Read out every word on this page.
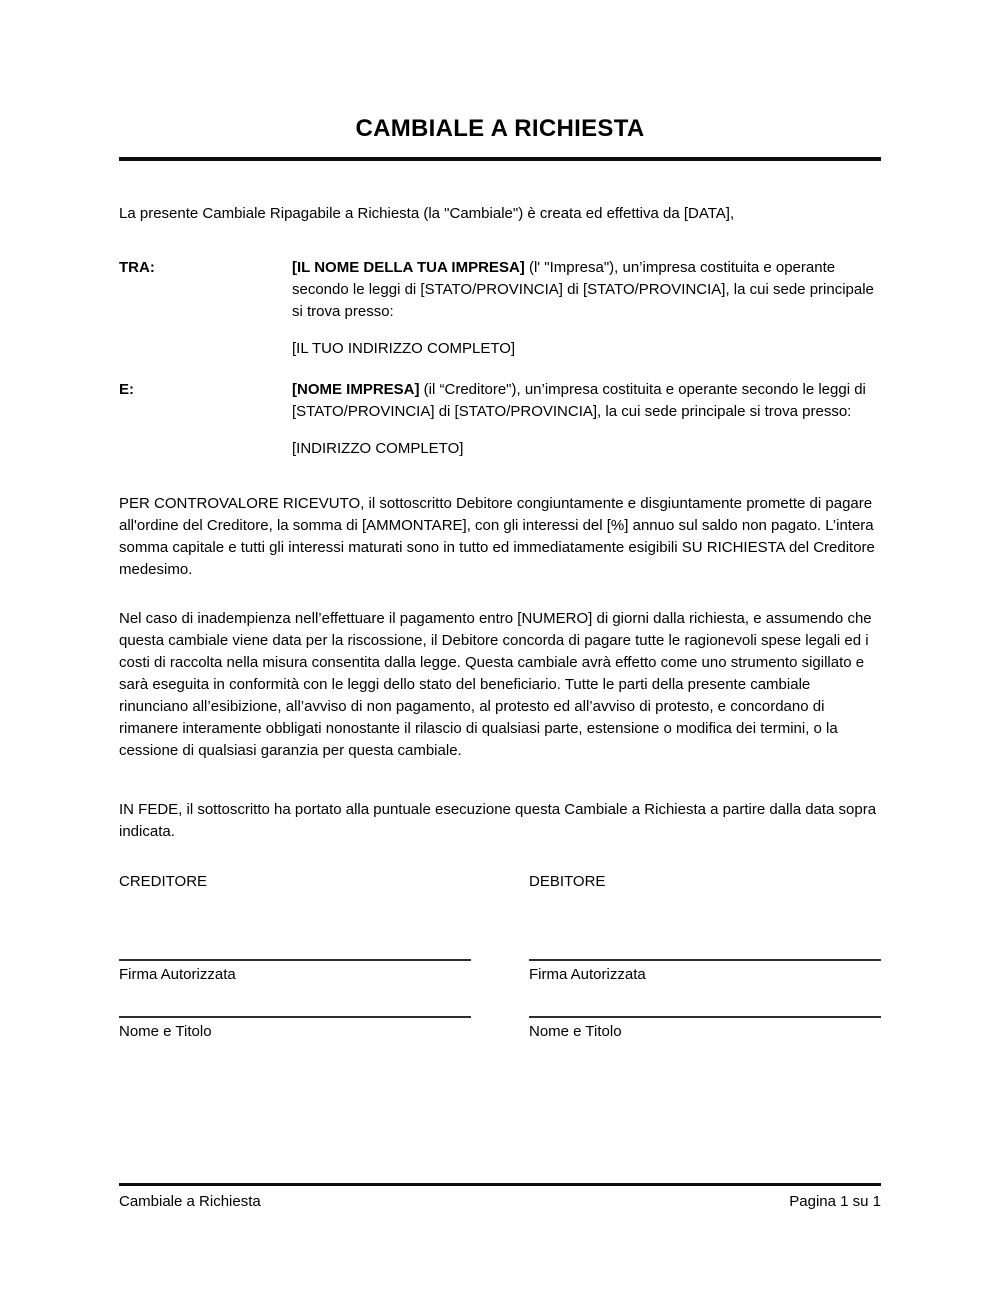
CAMBIALE A RICHIESTA

La presente Cambiale Ripagabile a Richiesta (la "Cambiale") è creata ed effettiva da [DATA],

TRA:	[IL NOME DELLA TUA IMPRESA] (l' "Impresa"), un’impresa costituita e operante secondo le leggi di [STATO/PROVINCIA] di [STATO/PROVINCIA], la cui sede principale si trova presso:

[IL TUO INDIRIZZO COMPLETO]

E:	[NOME IMPRESA] (il “Creditore"), un’impresa costituita e operante secondo le leggi di [STATO/PROVINCIA] di [STATO/PROVINCIA], la cui sede principale si trova presso:

[INDIRIZZO COMPLETO]

PER CONTROVALORE RICEVUTO, il sottoscritto Debitore congiuntamente e disgiuntamente promette di pagare all'ordine del Creditore, la somma di [AMMONTARE], con gli interessi del [%] annuo sul saldo non pagato. L’intera somma capitale e tutti gli interessi maturati sono in tutto ed immediatamente esigibili SU RICHIESTA del Creditore medesimo.

Nel caso di inadempienza nell’effettuare il pagamento entro [NUMERO] di giorni dalla richiesta, e assumendo che questa cambiale viene data per la riscossione, il Debitore concorda di pagare tutte le ragionevoli spese legali ed i costi di raccolta nella misura consentita dalla legge. Questa cambiale avrà effetto come uno strumento sigillato e sarà eseguita in conformità con le leggi dello stato del beneficiario. Tutte le parti della presente cambiale rinunciano all’esibizione, all’avviso di non pagamento, al protesto ed all’avviso di protesto, e concordano di rimanere interamente obbligati nonostante il rilascio di qualsiasi parte, estensione o modifica dei termini, o la cessione di qualsiasi garanzia per questa cambiale.

IN FEDE, il sottoscritto ha portato alla puntuale esecuzione questa Cambiale a Richiesta a partire dalla data sopra indicata.

CREDITORE
Firma Autorizzata
Nome e Titolo
DEBITORE
Firma Autorizzata
Nome e Titolo
Cambiale a Richiesta	Pagina 1 su 1
